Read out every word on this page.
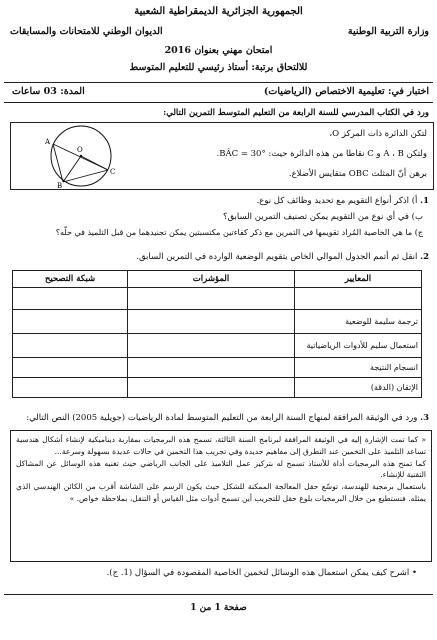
الجمهورية الجزائرية الديمقراطية الشعبية
وزارة التربية الوطنية
الديوان الوطني للامتحانات والمسابقات
امتحان مهني بعنوان 2016
للالتحاق برتبة: أستاذ رئيسي للتعليم المتوسط
اختبار في: تعليمية الاختصاص (الرياضيات)
المدة: 03 ساعات
ورد في الكتاب المدرسي للسنة الرابعة من التعليم المتوسط التمرين التالي:
O
A
B
C
لتكن الدائرة ذات المركز O،
ولتكن A ، B و C نقاطا من هذه الدائرة حيث: BÂC = 30°.
برهن أنّ المثلث OBC متقايس الأضلاع.
1. أ) اذكر أنواع التقويم مع تحديد وظائف كل نوع.
ب) في أي نوع من التقويم يمكن تصنيف التمرين السابق؟
ج) ما هي الخاصية المُراد تقويمها في التمرين مع ذكر كفاءتين مكتسبتين يمكن تجنيدهما من قبل التلميذ في حلّه؟
2. انقل ثم أتمم الجدول الموالي الخاص بتقويم الوضعية الواردة في التمرين السابق.
المعايير	المؤشرات	شبكة التصحيح

ترجمة سليمة للوضعية		
استعمال سليم للأدوات الرياضياتية		
انسجام النتيجة		
الإتقان (الدقة)		
3. ورد في الوثيقة المرافقة لمنهاج السنة الرابعة من التعليم المتوسط لمادة الرياضيات (جويلية 2005) النص التالي:
« كما تمت الإشارة إليه في الوثيقة المرافقة لبرنامج السنة الثالثة، تسمح هذه البرمجيات بمقاربة ديناميكية لإنشاء أشكال هندسية تساعد التلميذ على التخمين عند التطرق إلى مفاهيم جديدة وفي تجريب هذا التخمين في حالات عديدة بسهولة وسرعة...
كما تمنح هذه البرمجيات أداة للأستاذ تسمح له بتركيز عمل التلاميذ على الجانب الرياضي حيث تغنيه هذه الوسائل عن المشاكل التقنية للإنشاء.
باستعمال برمجية للهندسة، توسّع حقل المعالجة الممكنة للشكل حيث يكون الرسم على الشاشة أقرب من الكائن الهندسي الذي يمثله. فنستطيع من خلال البرمجيات بلوغ حقل للتجريب أين تسمح أدوات مثل القياس أو التنقل، بملاحظة خواص. »
• اشرح كيف يمكن استعمال هذه الوسائل لتخمين الخاصية المقصودة في السؤال (1. ج).
صفحة 1 من 1
